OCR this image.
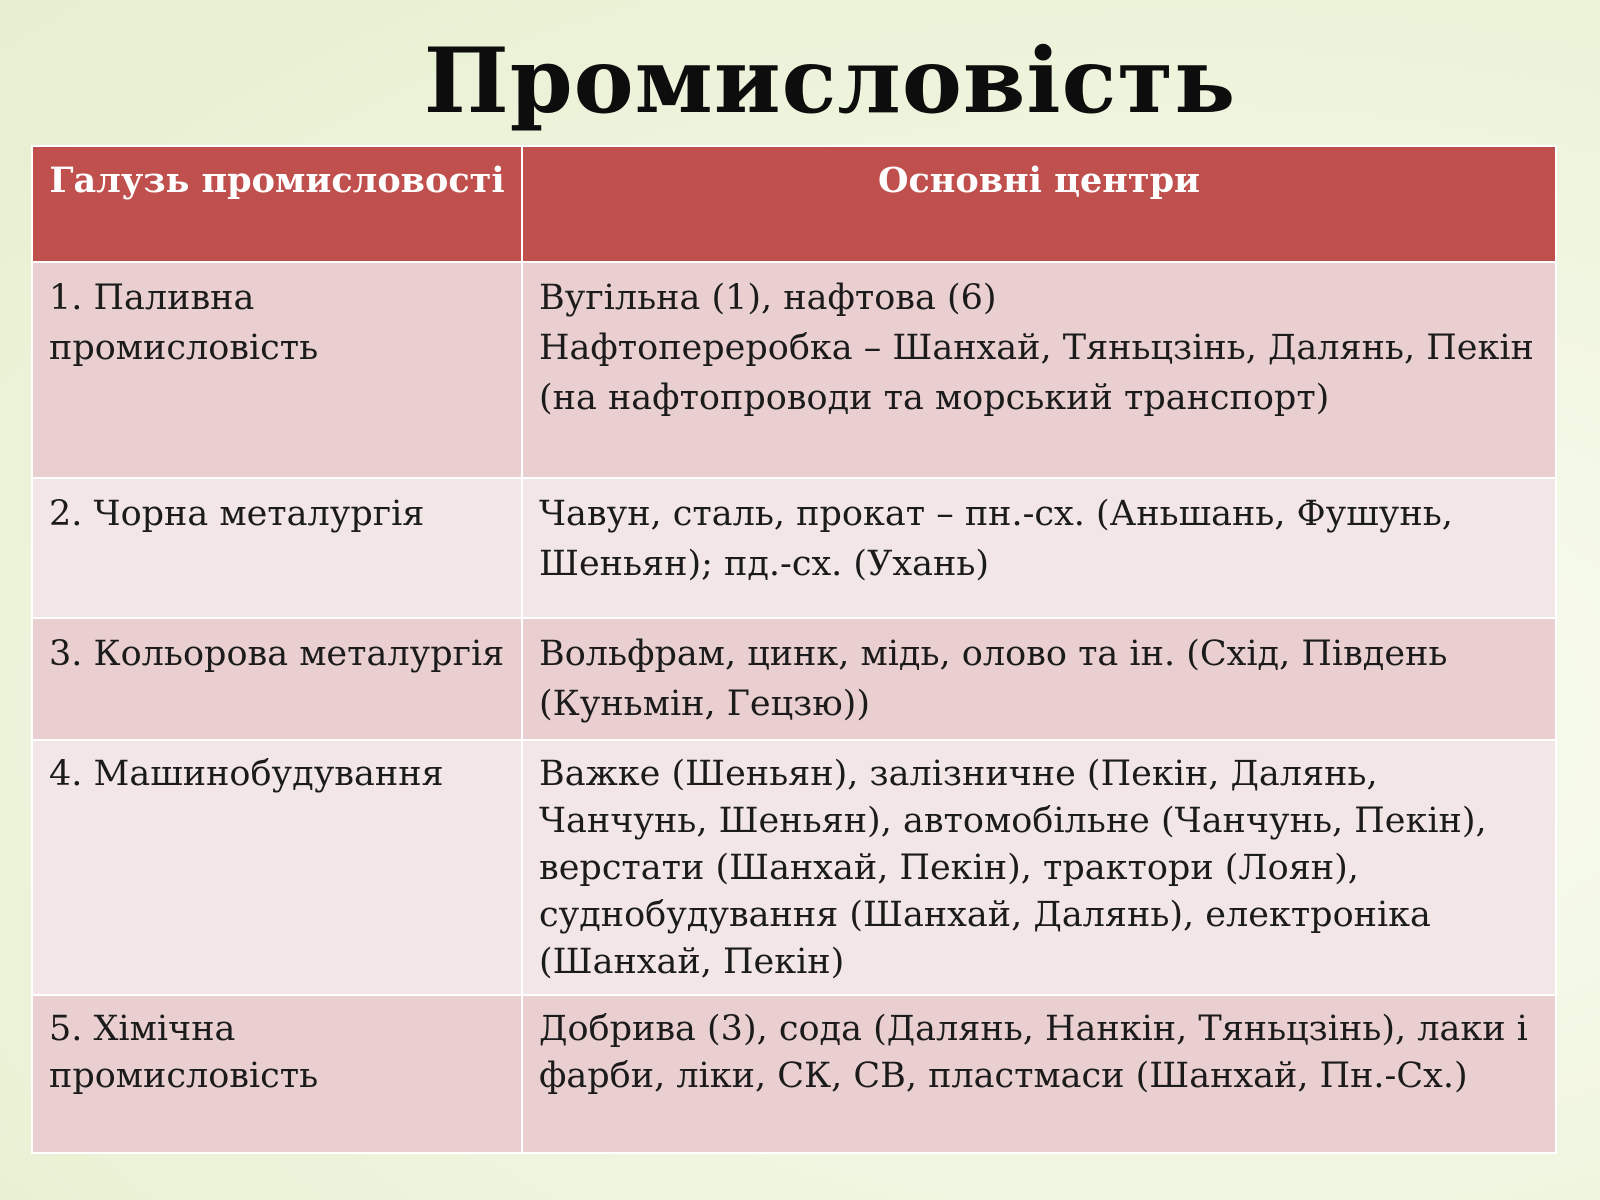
Промисловість
Галузь промисловості	Основні центри
1. Паливна промисловість	Вугільна (1), нафтова (6)
Нафтопереробка – Шанхай, Тяньцзінь, Далянь, Пекін (на нафтопроводи та морський транспорт)

2. Чорна металургія	Чавун, сталь, прокат – пн.-сх. (Аньшань, Фушунь, Шеньян); пд.-сх. (Ухань)

3. Кольорова металургія	Вольфрам, цинк, мідь, олово та ін. (Схід, Південь (Куньмін, Гецзю))

4. Машинобудування	Важке (Шеньян), залізничне (Пекін, Далянь, Чанчунь, Шеньян), автомобільне (Чанчунь, Пекін), верстати (Шанхай, Пекін), трактори (Лоян), суднобудування (Шанхай, Далянь), електроніка (Шанхай, Пекін)

5. Хімічна промисловість	Добрива (3), сода (Далянь, Нанкін, Тяньцзінь), лаки і фарби, ліки, СК, СВ, пластмаси (Шанхай, Пн.-Сх.)
